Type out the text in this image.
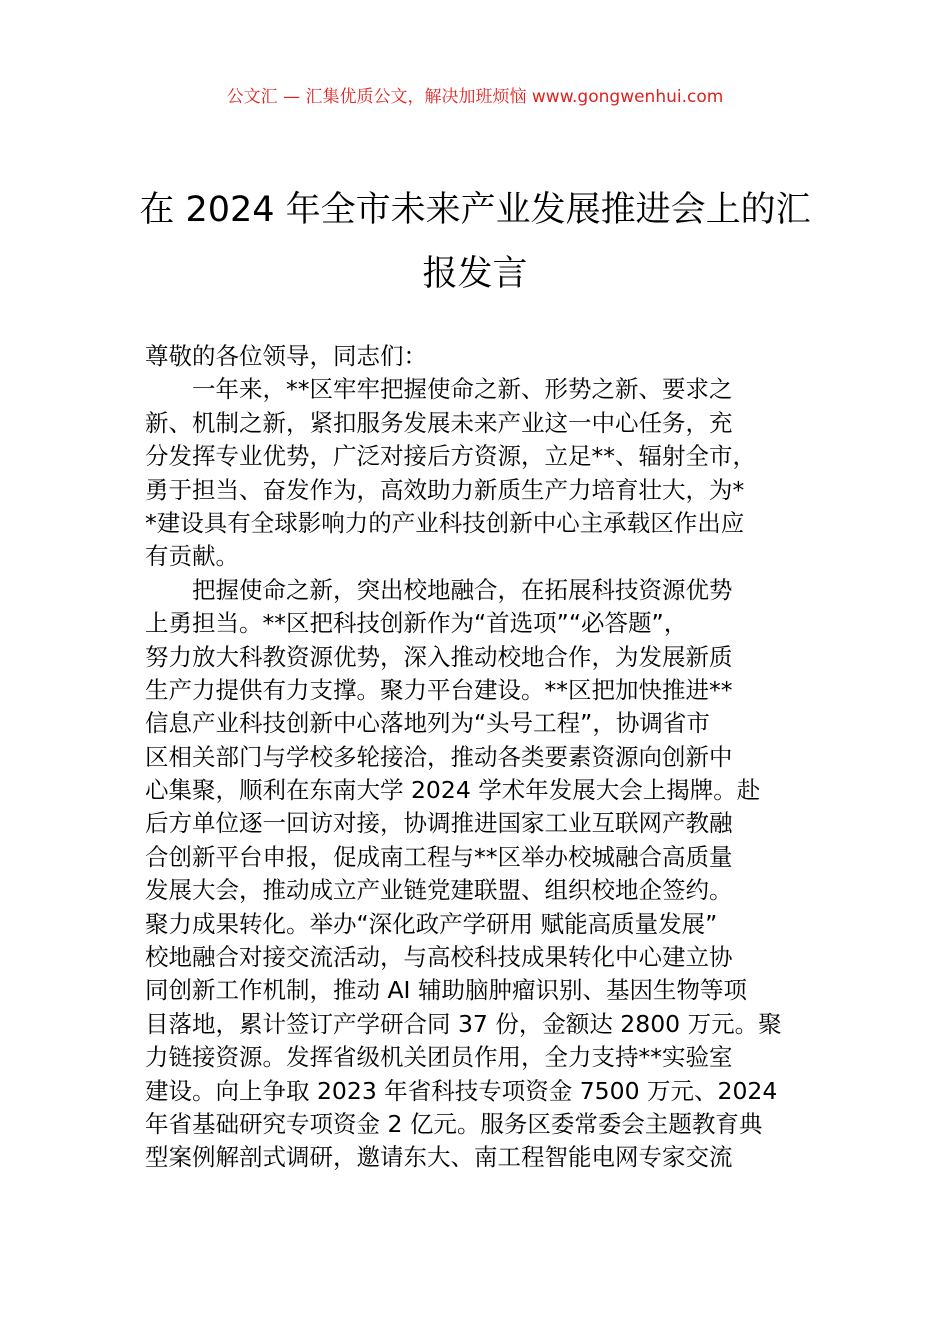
公文汇 — 汇集优质公文，解决加班烦恼 www.gongwenhui.com
在 2024 年全市未来产业发展推进会上的汇
报发言
尊敬的各位领导，同志们：
一年来，**区牢牢把握使命之新、形势之新、要求之
新、机制之新，紧扣服务发展未来产业这一中心任务，充
分发挥专业优势，广泛对接后方资源，立足**、辐射全市，
勇于担当、奋发作为，高效助力新质生产力培育壮大，为*
*建设具有全球影响力的产业科技创新中心主承载区作出应
有贡献。
把握使命之新，突出校地融合，在拓展科技资源优势
上勇担当。**区把科技创新作为“首选项”“必答题”，
努力放大科教资源优势，深入推动校地合作，为发展新质
生产力提供有力支撑。聚力平台建设。**区把加快推进**
信息产业科技创新中心落地列为“头号工程”，协调省市
区相关部门与学校多轮接洽，推动各类要素资源向创新中
心集聚，顺利在东南大学 2024 学术年发展大会上揭牌。赴
后方单位逐一回访对接，协调推进国家工业互联网产教融
合创新平台申报，促成南工程与**区举办校城融合高质量
发展大会，推动成立产业链党建联盟、组织校地企签约。
聚力成果转化。举办“深化政产学研用 赋能高质量发展”
校地融合对接交流活动，与高校科技成果转化中心建立协
同创新工作机制，推动 AI 辅助脑肿瘤识别、基因生物等项
目落地，累计签订产学研合同 37 份，金额达 2800 万元。聚
力链接资源。发挥省级机关团员作用，全力支持**实验室
建设。向上争取 2023 年省科技专项资金 7500 万元、2024
年省基础研究专项资金 2 亿元。服务区委常委会主题教育典
型案例解剖式调研，邀请东大、南工程智能电网专家交流
